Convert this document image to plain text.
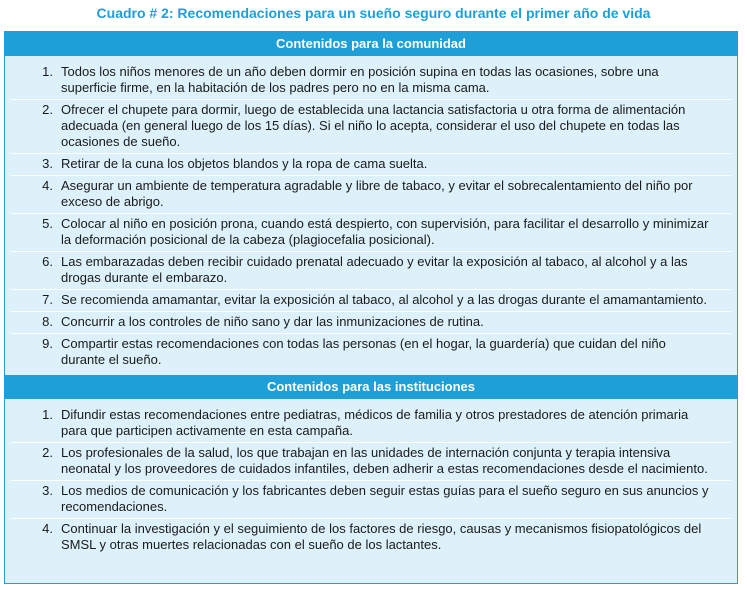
Cuadro # 2: Recomendaciones para un sueño seguro durante el primer año de vida
Contenidos para la comunidad
1. Todos los niños menores de un año deben dormir en posición supina en todas las ocasiones, sobre una superficie firme, en la habitación de los padres pero no en la misma cama.
2. Ofrecer el chupete para dormir, luego de establecida una lactancia satisfactoria u otra forma de alimentación adecuada (en general luego de los 15 días). Si el niño lo acepta, considerar el uso del chupete en todas las ocasiones de sueño.
3. Retirar de la cuna los objetos blandos y la ropa de cama suelta.
4. Asegurar un ambiente de temperatura agradable y libre de tabaco, y evitar el sobrecalentamiento del niño por exceso de abrigo.
5. Colocar al niño en posición prona, cuando está despierto, con supervisión, para facilitar el desarrollo y minimizar la deformación posicional de la cabeza (plagiocefalia posicional).
6. Las embarazadas deben recibir cuidado prenatal adecuado y evitar la exposición al tabaco, al alcohol y a las drogas durante el embarazo.
7. Se recomienda amamantar, evitar la exposición al tabaco, al alcohol y a las drogas durante el amamantamiento.
8. Concurrir a los controles de niño sano y dar las inmunizaciones de rutina.
9. Compartir estas recomendaciones con todas las personas (en el hogar, la guardería) que cuidan del niño durante el sueño.
Contenidos para las instituciones
1. Difundir estas recomendaciones entre pediatras, médicos de familia y otros prestadores de atención primaria para que participen activamente en esta campaña.
2. Los profesionales de la salud, los que trabajan en las unidades de internación conjunta y terapia intensiva neonatal y los proveedores de cuidados infantiles, deben adherir a estas recomendaciones desde el nacimiento.
3. Los medios de comunicación y los fabricantes deben seguir estas guías para el sueño seguro en sus anuncios y recomendaciones.
4. Continuar la investigación y el seguimiento de los factores de riesgo, causas y mecanismos fisiopatológicos del SMSL y otras muertes relacionadas con el sueño de los lactantes.
